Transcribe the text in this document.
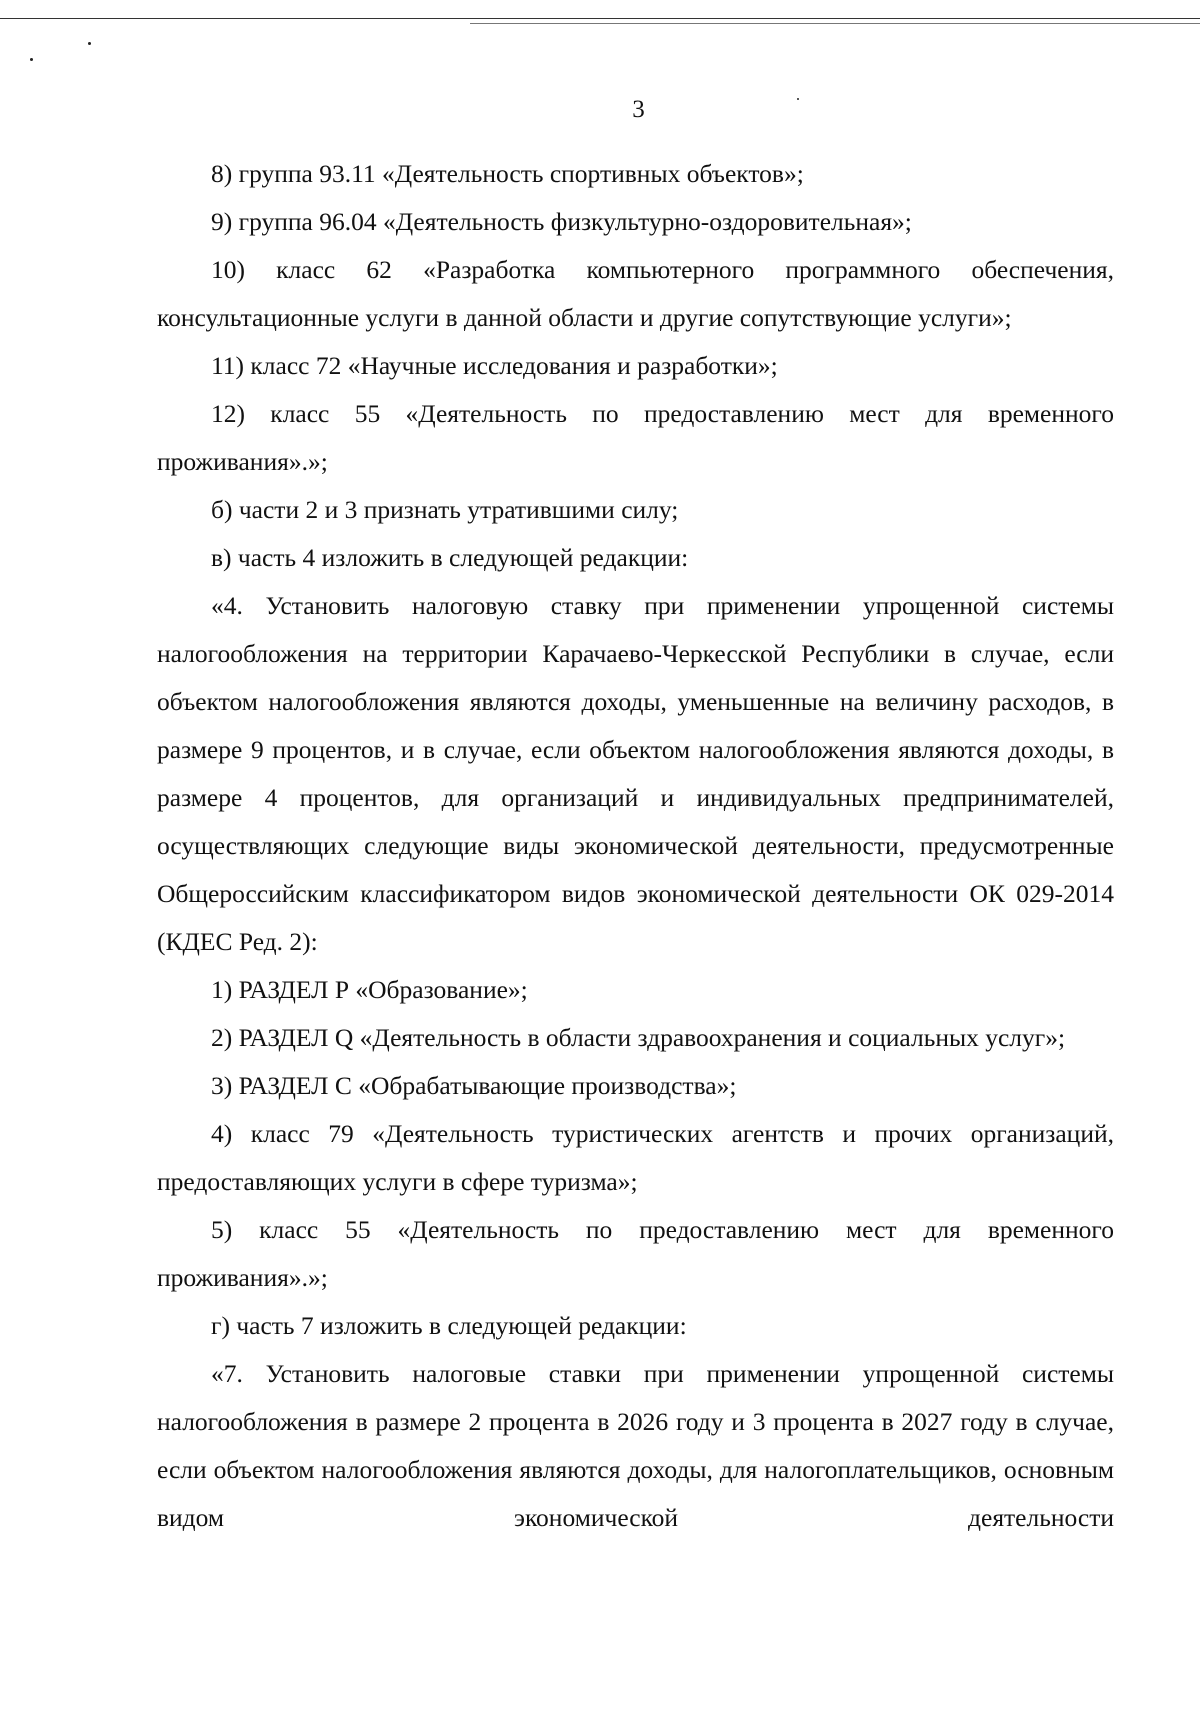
3

8) группа 93.11 «Деятельность спортивных объектов»;

9) группа 96.04 «Деятельность физкультурно-оздоровительная»;

10) класс 62 «Разработка компьютерного программного обеспечения, консультационные услуги в данной области и другие сопутствующие услуги»;

11) класс 72 «Научные исследования и разработки»;

12) класс 55 «Деятельность по предоставлению мест для временного проживания».»;

б) части 2 и 3 признать утратившими силу;

в) часть 4 изложить в следующей редакции:

«4. Установить налоговую ставку при применении упрощенной системы налогообложения на территории Карачаево-Черкесской Республики в случае, если объектом налогообложения являются доходы, уменьшенные на величину расходов, в размере 9 процентов, и в случае, если объектом налогообложения являются доходы, в размере 4 процентов, для организаций и индивидуальных предпринимателей, осуществляющих следующие виды экономической деятельности, предусмотренные Общероссийским классификатором видов экономической деятельности ОК 029-2014 (КДЕС Ред. 2):

1) РАЗДЕЛ Р «Образование»;

2) РАЗДЕЛ Q «Деятельность в области здравоохранения и социальных услуг»;

3) РАЗДЕЛ С «Обрабатывающие производства»;

4) класс 79 «Деятельность туристических агентств и прочих организаций, предоставляющих услуги в сфере туризма»;

5) класс 55 «Деятельность по предоставлению мест для временного проживания».»;

г) часть 7 изложить в следующей редакции:

«7. Установить налоговые ставки при применении упрощенной системы налогообложения в размере 2 процента в 2026 году и 3 процента в 2027 году в случае, если объектом налогообложения являются доходы, для налогоплательщиков, основным видом экономической деятельности
